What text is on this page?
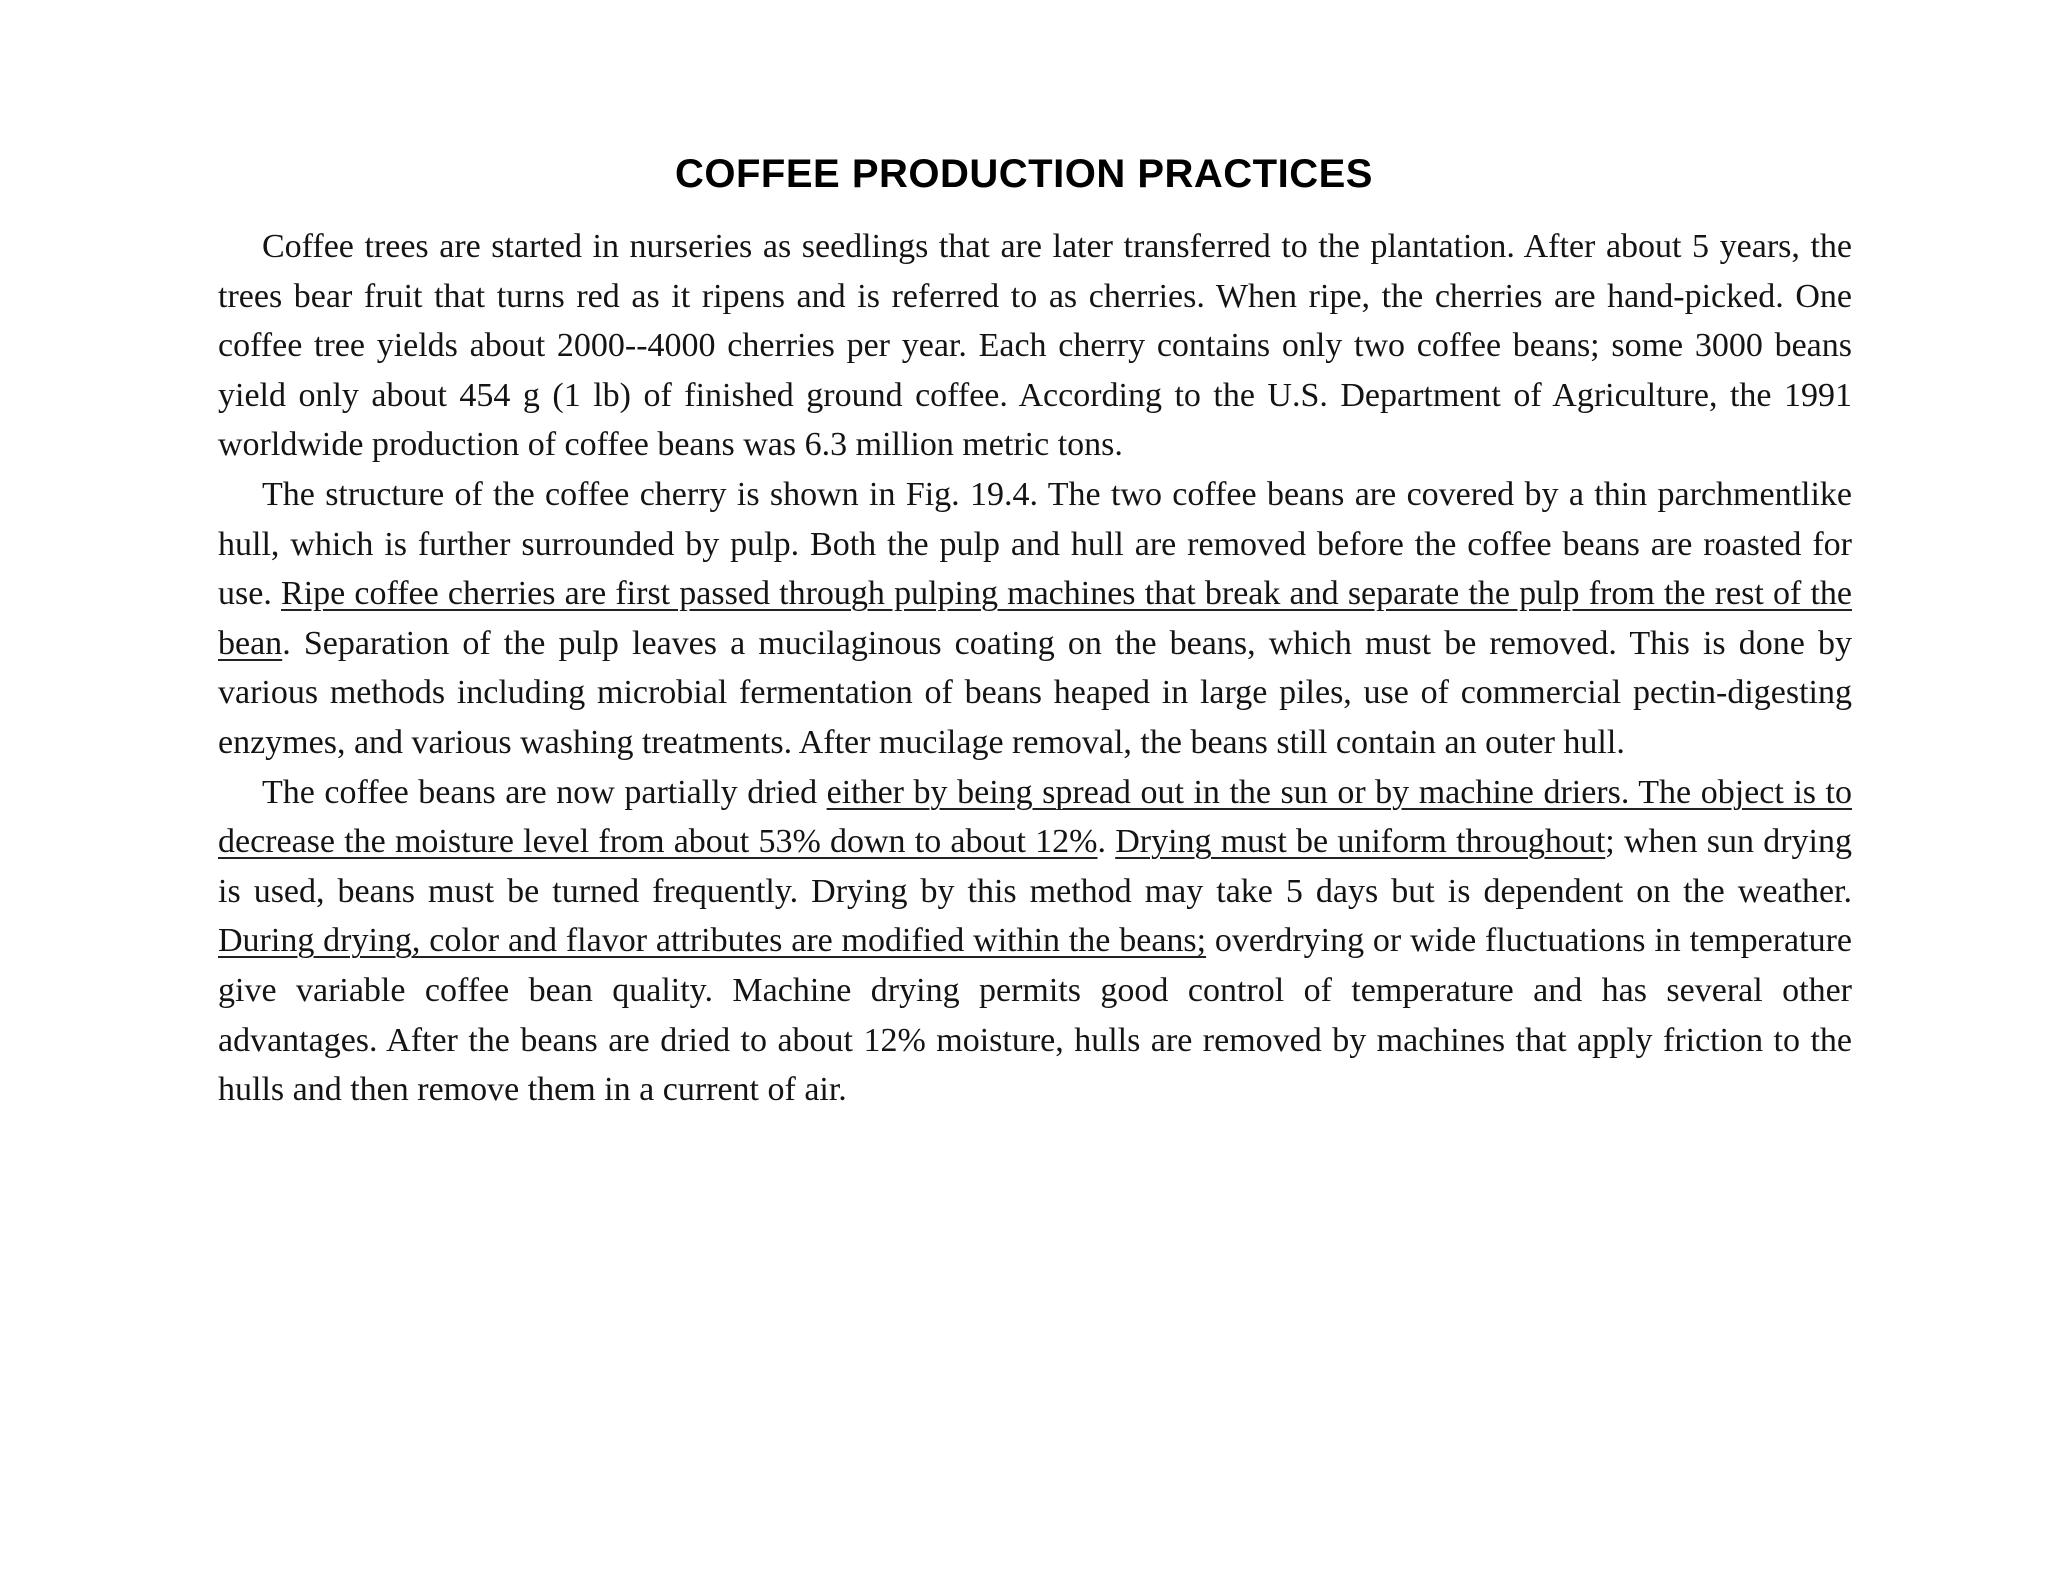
COFFEE PRODUCTION PRACTICES

Coffee trees are started in nurseries as seedlings that are later transferred to the plantation. After about 5 years, the trees bear fruit that turns red as it ripens and is referred to as cherries. When ripe, the cherries are hand-picked. One coffee tree yields about 2000--4000 cherries per year. Each cherry contains only two coffee beans; some 3000 beans yield only about 454 g (1 lb) of finished ground coffee. According to the U.S. Department of Agriculture, the 1991 worldwide production of coffee beans was 6.3 million metric tons.

The structure of the coffee cherry is shown in Fig. 19.4. The two coffee beans are covered by a thin parchmentlike hull, which is further surrounded by pulp. Both the pulp and hull are removed before the coffee beans are roasted for use. Ripe coffee cherries are first passed through pulping machines that break and separate the pulp from the rest of the bean. Separation of the pulp leaves a mucilaginous coating on the beans, which must be removed. This is done by various methods including microbial fermentation of beans heaped in large piles, use of commercial pectin-digesting enzymes, and various washing treatments. After mucilage removal, the beans still contain an outer hull.

The coffee beans are now partially dried either by being spread out in the sun or by machine driers. The object is to decrease the moisture level from about 53% down to about 12%. Drying must be uniform throughout; when sun drying is used, beans must be turned frequently. Drying by this method may take 5 days but is dependent on the weather. During drying, color and flavor attributes are modified within the beans; overdrying or wide fluctuations in temperature give variable coffee bean quality. Machine drying permits good control of temperature and has several other advantages. After the beans are dried to about 12% moisture, hulls are removed by machines that apply friction to the hulls and then remove them in a current of air.
